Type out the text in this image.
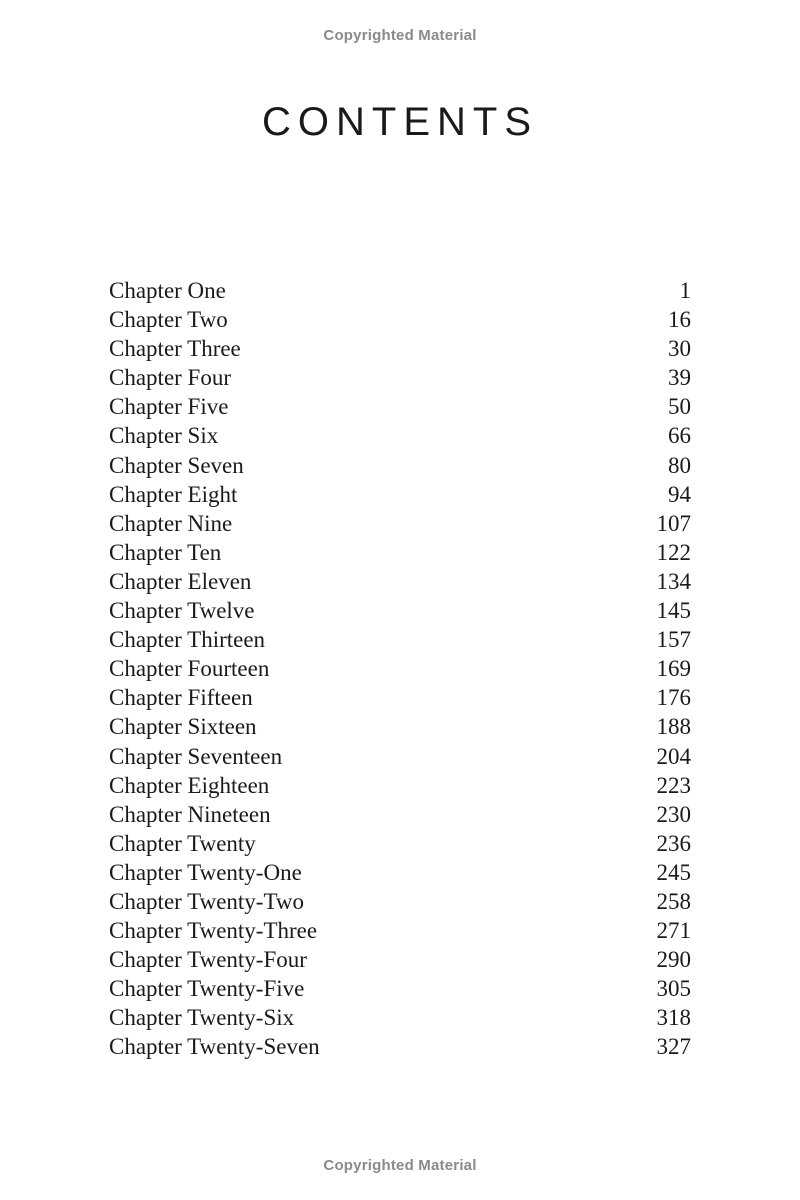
Copyrighted Material
CONTENTS
Chapter One	1
Chapter Two	16
Chapter Three	30
Chapter Four	39
Chapter Five	50
Chapter Six	66
Chapter Seven	80
Chapter Eight	94
Chapter Nine	107
Chapter Ten	122
Chapter Eleven	134
Chapter Twelve	145
Chapter Thirteen	157
Chapter Fourteen	169
Chapter Fifteen	176
Chapter Sixteen	188
Chapter Seventeen	204
Chapter Eighteen	223
Chapter Nineteen	230
Chapter Twenty	236
Chapter Twenty-One	245
Chapter Twenty-Two	258
Chapter Twenty-Three	271
Chapter Twenty-Four	290
Chapter Twenty-Five	305
Chapter Twenty-Six	318
Chapter Twenty-Seven	327
Copyrighted Material
